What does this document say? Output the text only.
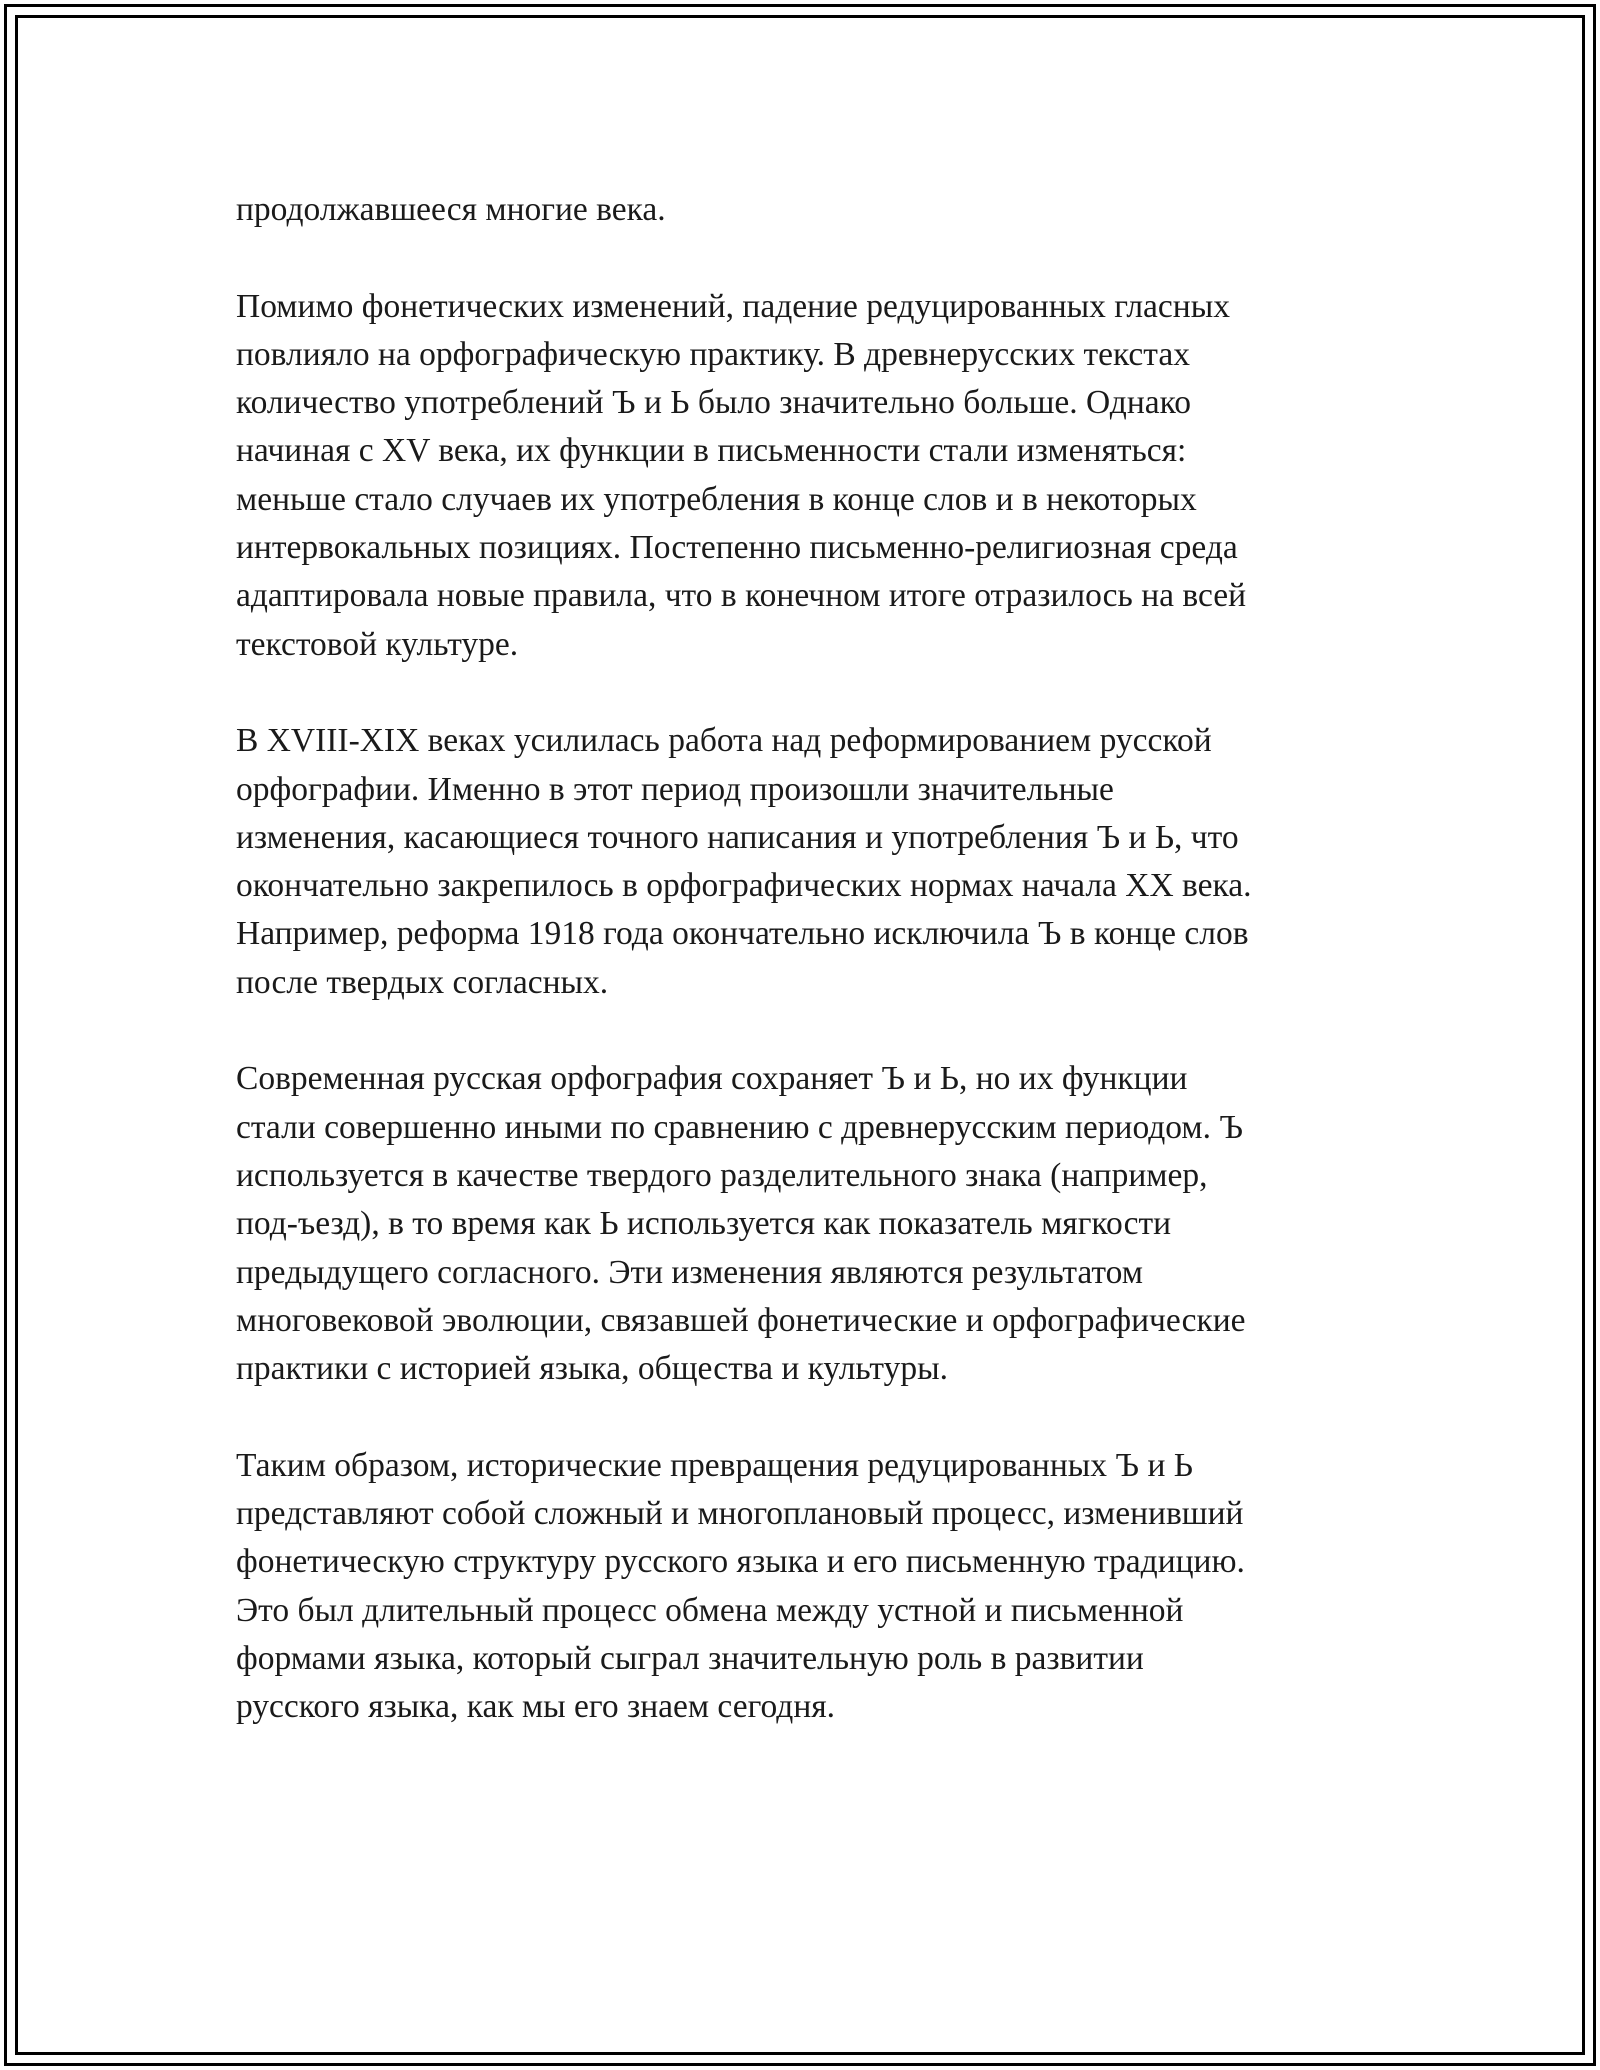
продолжавшееся многие века.

Помимо фонетических изменений, падение редуцированных гласных
повлияло на орфографическую практику. В древнерусских текстах
количество употреблений Ъ и Ь было значительно больше. Однако
начиная с XV века, их функции в письменности стали изменяться:
меньше стало случаев их употребления в конце слов и в некоторых
интервокальных позициях. Постепенно письменно-религиозная среда
адаптировала новые правила, что в конечном итоге отразилось на всей
текстовой культуре.

В XVIII-XIX веках усилилась работа над реформированием русской
орфографии. Именно в этот период произошли значительные
изменения, касающиеся точного написания и употребления Ъ и Ь, что
окончательно закрепилось в орфографических нормах начала XX века.
Например, реформа 1918 года окончательно исключила Ъ в конце слов
после твердых согласных.

Современная русская орфография сохраняет Ъ и Ь, но их функции
стали совершенно иными по сравнению с древнерусским периодом. Ъ
используется в качестве твердого разделительного знака (например,
под-ъезд), в то время как Ь используется как показатель мягкости
предыдущего согласного. Эти изменения являются результатом
многовековой эволюции, связавшей фонетические и орфографические
практики с историей языка, общества и культуры.

Таким образом, исторические превращения редуцированных Ъ и Ь
представляют собой сложный и многоплановый процесс, изменивший
фонетическую структуру русского языка и его письменную традицию.
Это был длительный процесс обмена между устной и письменной
формами языка, который сыграл значительную роль в развитии
русского языка, как мы его знаем сегодня.
